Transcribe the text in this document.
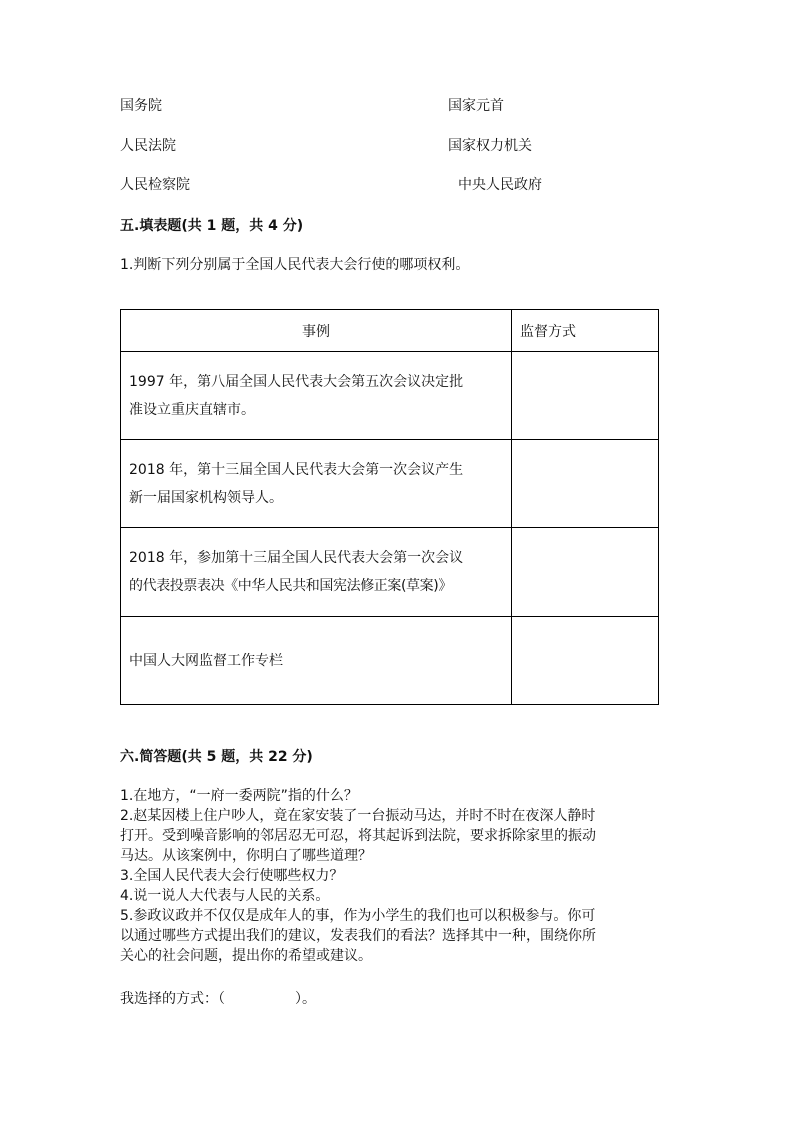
国务院	国家元首
人民法院	国家权力机关
人民检察院	中央人民政府
五.填表题(共 1 题，共 4 分)
1.判断下列分别属于全国人民代表大会行使的哪项权利。
事例	监督方式

1997 年，第八届全国人民代表大会第五次会议决定批
准设立重庆直辖市。	

2018 年，第十三届全国人民代表大会第一次会议产生
新一届国家机构领导人。	

2018 年，参加第十三届全国人民代表大会第一次会议
的代表投票表决《中华人民共和国宪法修正案(草案)》	

中国人大网监督工作专栏	

六.简答题(共 5 题，共 22 分)
1.在地方，“一府一委两院”指的什么？
2.赵某因楼上住户吵人，竟在家安装了一台振动马达，并时不时在夜深人静时
打开。受到噪音影响的邻居忍无可忍，将其起诉到法院，要求拆除家里的振动
马达。从该案例中，你明白了哪些道理？
3.全国人民代表大会行使哪些权力？
4.说一说人大代表与人民的关系。
5.参政议政并不仅仅是成年人的事，作为小学生的我们也可以积极参与。你可
以通过哪些方式提出我们的建议，发表我们的看法？选择其中一种，围绕你所
关心的社会问题，提出你的希望或建议。
我选择的方式：（　　　　　）。
